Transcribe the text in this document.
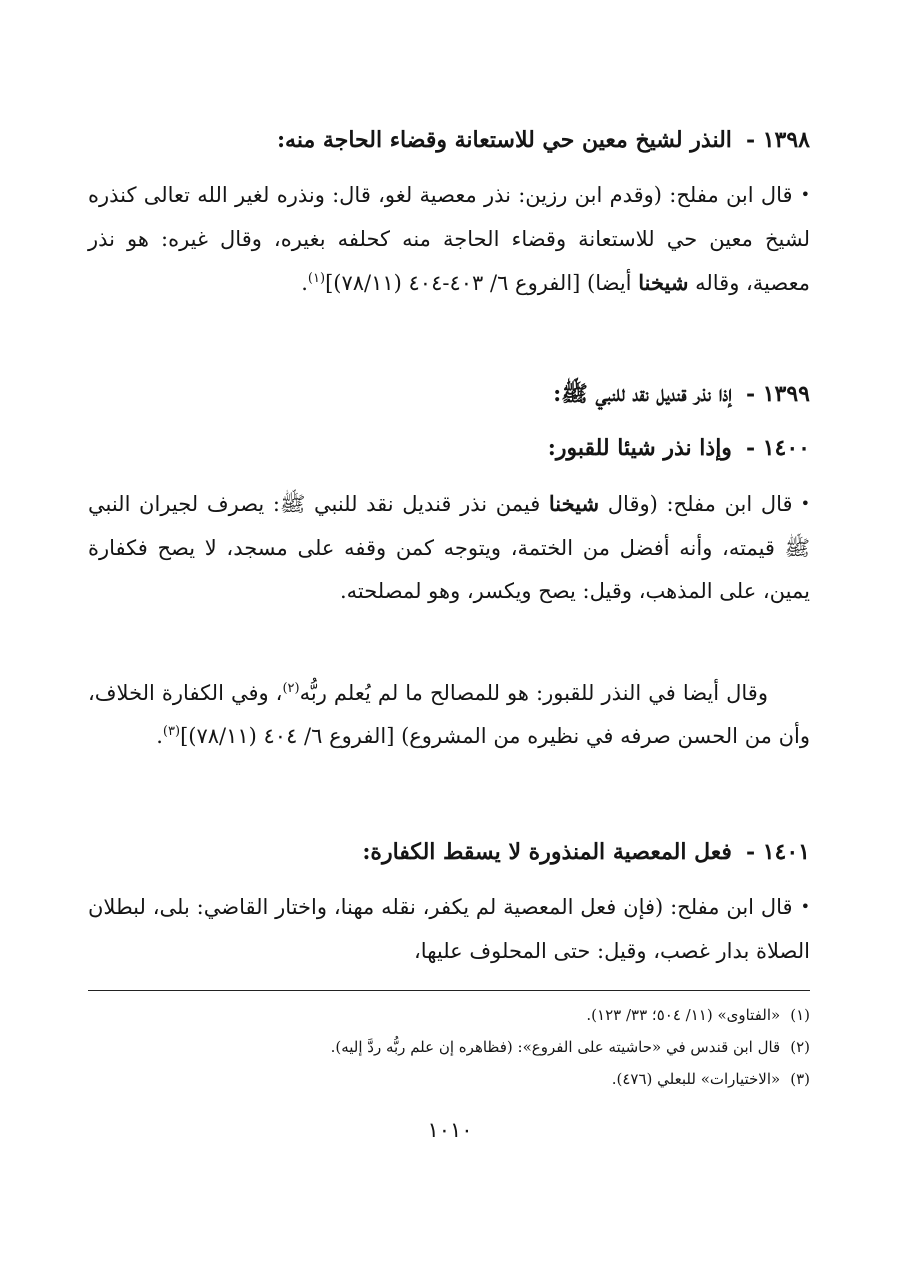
١٣٩٨ -النذر لشيخ معين حي للاستعانة وقضاء الحاجة منه:

•قال ابن مفلح: (وقدم ابن رزين: نذر معصية لغو، قال: ونذره لغير الله تعالى كنذره لشيخ معين حي للاستعانة وقضاء الحاجة منه كحلفه بغيره، وقال غيره: هو نذر معصية، وقاله شيخنا أيضا) [الفروع ٦/ ٤٠٣-٤٠٤ (٧٨/١١)]$^{(١)}$.

١٣٩٩ -إذا نذر قنديل نقد للنبي ﷺ:

١٤٠٠ -وإذا نذر شيئا للقبور:

•قال ابن مفلح: (وقال شيخنا فيمن نذر قنديل نقد للنبي ﷺ: يصرف لجيران النبي ﷺ قيمته، وأنه أفضل من الختمة، ويتوجه كمن وقفه على مسجد، لا يصح فكفارة يمين، على المذهب، وقيل: يصح ويكسر، وهو لمصلحته.

وقال أيضا في النذر للقبور: هو للمصالح ما لم يُعلم ربُّه$^{(٢)}$، وفي الكفارة الخلاف، وأن من الحسن صرفه في نظيره من المشروع) [الفروع ٦/ ٤٠٤ (٧٨/١١)]$^{(٣)}$.

١٤٠١ -فعل المعصية المنذورة لا يسقط الكفارة:

•قال ابن مفلح: (فإن فعل المعصية لم يكفر، نقله مهنا، واختار القاضي: بلى، لبطلان الصلاة بدار غصب، وقيل: حتى المحلوف عليها،

(١)«الفتاوى» (١١/ ٥٠٤؛ ٣٣/ ١٢٣).

(٢)قال ابن قندس في «حاشيته على الفروع»: (فظاهره إن علم ربُّه ردَّ إليه).

(٣)«الاختيارات» للبعلي (٤٧٦).

١٠١٠
